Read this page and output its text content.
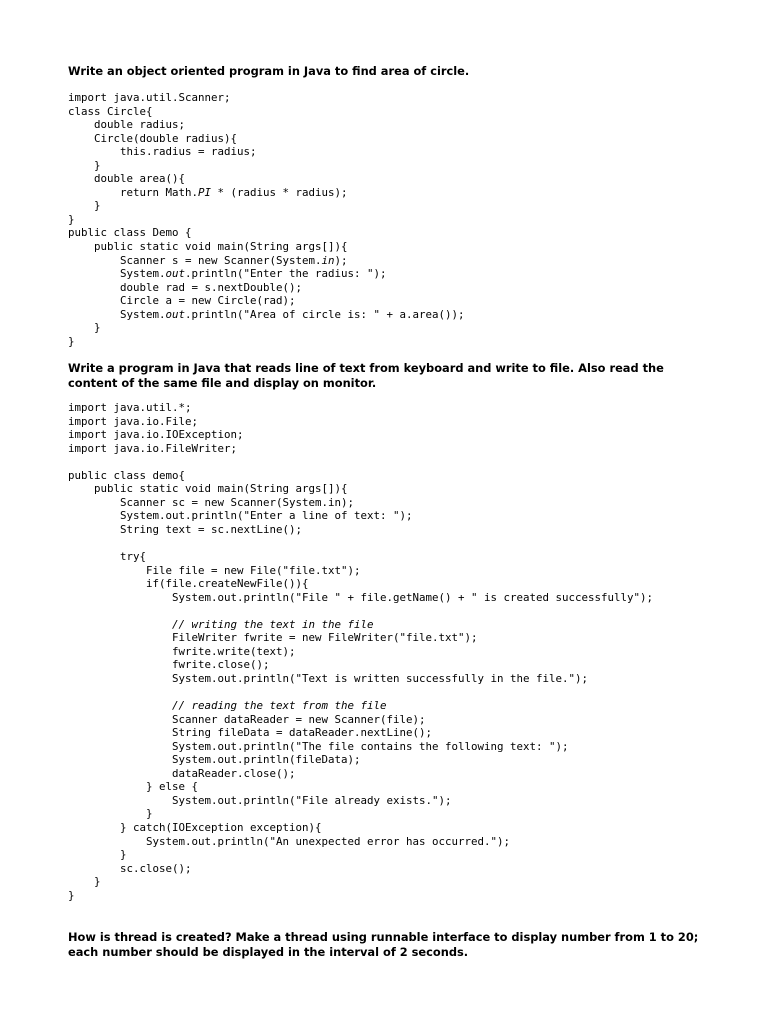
Write an object oriented program in Java to find area of circle.

import java.util.Scanner;
class Circle{
double radius;
Circle(double radius){
this.radius = radius;
}
double area(){
return Math.PI * (radius * radius);
}
}
public class Demo {
public static void main(String args[]){
Scanner s = new Scanner(System.in);
System.out.println("Enter the radius: ");
double rad = s.nextDouble();
Circle a = new Circle(rad);
System.out.println("Area of circle is: " + a.area());
}
}
Write a program in Java that reads line of text from keyboard and write to file. Also read the
content of the same file and display on monitor.
import java.util.*;
import java.io.File;
import java.io.IOException;
import java.io.FileWriter;

public class demo{
public static void main(String args[]){
Scanner sc = new Scanner(System.in);
System.out.println("Enter a line of text: ");
String text = sc.nextLine();

try{
File file = new File("file.txt");
if(file.createNewFile()){
System.out.println("File " + file.getName() + " is created successfully");

// writing the text in the file
FileWriter fwrite = new FileWriter("file.txt");
fwrite.write(text);
fwrite.close();
System.out.println("Text is written successfully in the file.");

// reading the text from the file
Scanner dataReader = new Scanner(file);
String fileData = dataReader.nextLine();
System.out.println("The file contains the following text: ");
System.out.println(fileData);
dataReader.close();
} else {
System.out.println("File already exists.");
}
} catch(IOException exception){
System.out.println("An unexpected error has occurred.");
}
sc.close();
}
}
How is thread is created? Make a thread using runnable interface to display number from 1 to 20;
each number should be displayed in the interval of 2 seconds.
